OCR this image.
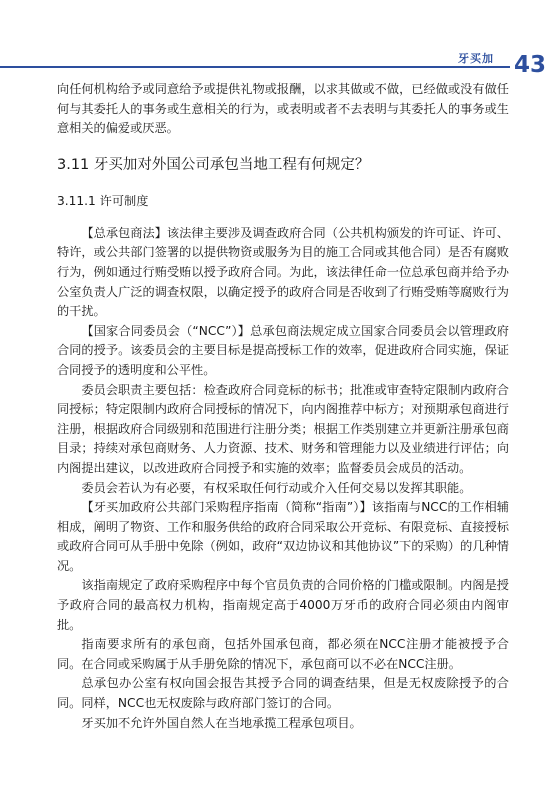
牙买加 43

向任何机构给予或同意给予或提供礼物或报酬，以求其做或不做，已经做或没有做任何与其委托人的事务或生意相关的行为，或表明或者不去表明与其委托人的事务或生意相关的偏爱或厌恶。

3.11 牙买加对外国公司承包当地工程有何规定？
3.11.1 许可制度

【总承包商法】该法律主要涉及调查政府合同（公共机构颁发的许可证、许可、特许，或公共部门签署的以提供物资或服务为目的施工合同或其他合同）是否有腐败行为，例如通过行贿受贿以授予政府合同。为此，该法律任命一位总承包商并给予办公室负责人广泛的调查权限，以确定授予的政府合同是否收到了行贿受贿等腐败行为的干扰。

【国家合同委员会（“NCC”）】总承包商法规定成立国家合同委员会以管理政府合同的授予。该委员会的主要目标是提高授标工作的效率，促进政府合同实施，保证合同授予的透明度和公平性。

委员会职责主要包括：检查政府合同竞标的标书；批准或审查特定限制内政府合同授标；特定限制内政府合同授标的情况下，向内阁推荐中标方；对预期承包商进行注册，根据政府合同级别和范围进行注册分类；根据工作类别建立并更新注册承包商目录；持续对承包商财务、人力资源、技术、财务和管理能力以及业绩进行评估；向内阁提出建议，以改进政府合同授予和实施的效率；监督委员会成员的活动。

委员会若认为有必要，有权采取任何行动或介入任何交易以发挥其职能。

【牙买加政府公共部门采购程序指南（简称“指南”）】该指南与NCC的工作相辅相成，阐明了物资、工作和服务供给的政府合同采取公开竞标、有限竞标、直接授标或政府合同可从手册中免除（例如，政府“双边协议和其他协议”下的采购）的几种情况。

该指南规定了政府采购程序中每个官员负责的合同价格的门槛或限制。内阁是授予政府合同的最高权力机构，指南规定高于4000万牙币的政府合同必须由内阁审批。

指南要求所有的承包商，包括外国承包商，都必须在NCC注册才能被授予合同。在合同或采购属于从手册免除的情况下，承包商可以不必在NCC注册。

总承包办公室有权向国会报告其授予合同的调查结果，但是无权废除授予的合同。同样，NCC也无权废除与政府部门签订的合同。

牙买加不允许外国自然人在当地承揽工程承包项目。
